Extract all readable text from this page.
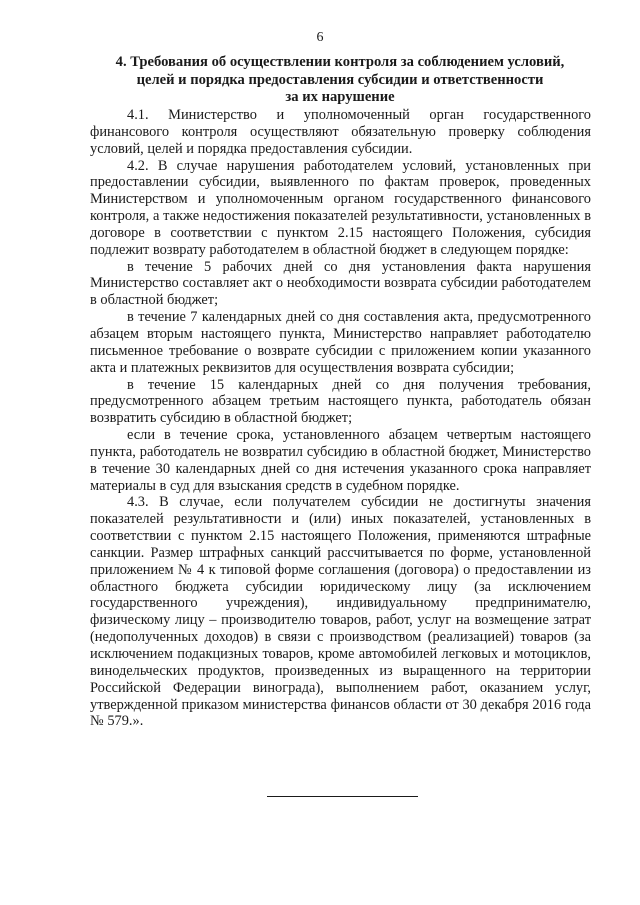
6
4. Требования об осуществлении контроля за соблюдением условий,
целей и порядка предоставления субсидии и ответственности
за их нарушение

4.1. Министерство и уполномоченный орган государственного финансового контроля осуществляют обязательную проверку соблюдения условий, целей и порядка предоставления субсидии.

4.2. В случае нарушения работодателем условий, установленных при предоставлении субсидии, выявленного по фактам проверок, проведенных Министерством и уполномоченным органом государственного финансового контроля, а также недостижения показателей результативности, установленных в договоре в соответствии с пунктом 2.15 настоящего Положения, субсидия подлежит возврату работодателем в областной бюджет в следующем порядке:

в течение 5 рабочих дней со дня установления факта нарушения Министерство составляет акт о необходимости возврата субсидии работодателем в областной бюджет;

в течение 7 календарных дней со дня составления акта, предусмотренного абзацем вторым настоящего пункта, Министерство направляет работодателю письменное требование о возврате субсидии с приложением копии указанного акта и платежных реквизитов для осуществления возврата субсидии;

в течение 15 календарных дней со дня получения требования, предусмотренного абзацем третьим настоящего пункта, работодатель обязан возвратить субсидию в областной бюджет;

если в течение срока, установленного абзацем четвертым настоящего пункта, работодатель не возвратил субсидию в областной бюджет, Министерство в течение 30 календарных дней со дня истечения указанного срока направляет материалы в суд для взыскания средств в судебном порядке.

4.3. В случае, если получателем субсидии не достигнуты значения показателей результативности и (или) иных показателей, установленных в соответствии с пунктом 2.15 настоящего Положения, применяются штрафные санкции. Размер штрафных санкций рассчитывается по форме, установленной приложением № 4 к типовой форме соглашения (договора) о предоставлении из областного бюджета субсидии юридическому лицу (за исключением государственного учреждения), индивидуальному предпринимателю, физическому лицу – производителю товаров, работ, услуг на возмещение затрат (недополученных доходов) в связи с производством (реализацией) товаров (за исключением подакцизных товаров, кроме автомобилей легковых и мотоциклов, винодельческих продуктов, произведенных из выращенного на территории Российской Федерации винограда), выполнением работ, оказанием услуг, утвержденной приказом министерства финансов области от 30 декабря 2016 года № 579.».
